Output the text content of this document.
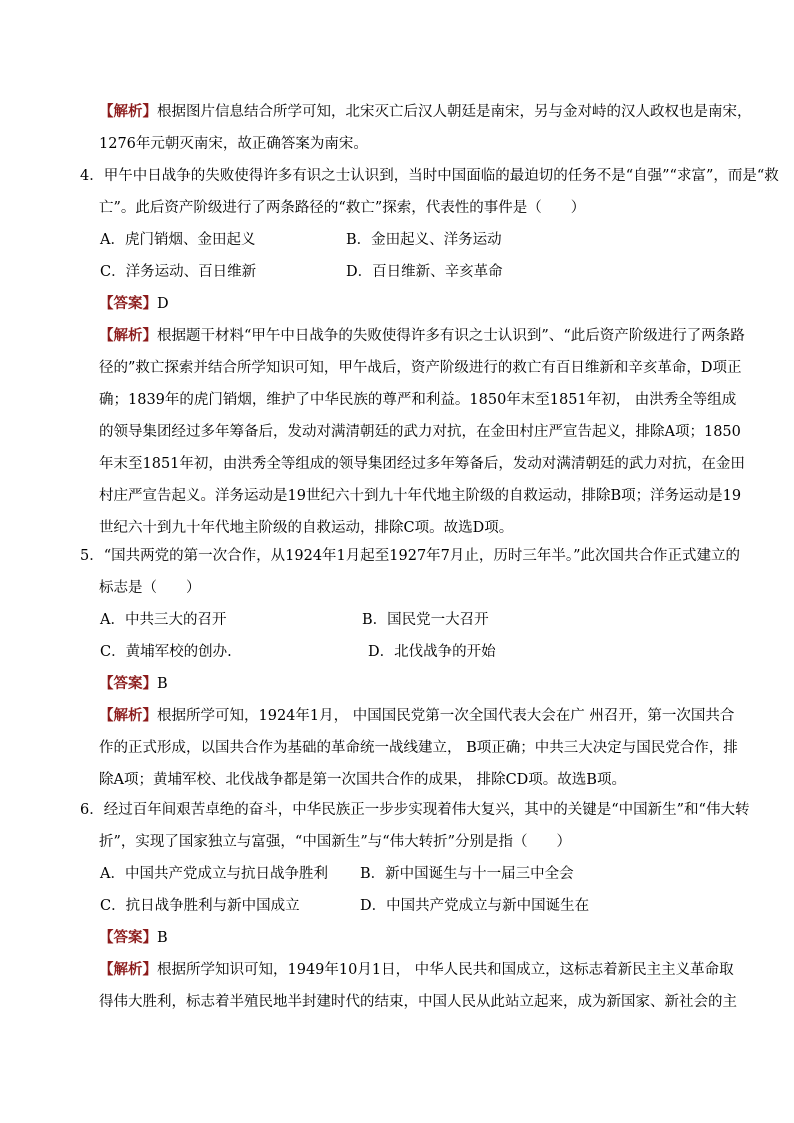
【解析】根据图片信息结合所学可知，北宋灭亡后汉人朝廷是南宋，另与金对峙的汉人政权也是南宋，
1276年元朝灭南宋，故正确答案为南宋。
4．甲午中日战争的失败使得许多有识之士认识到，当时中国面临的最迫切的任务不是“自强”“求富”，而是“救
亡”。此后资产阶级进行了两条路径的“救亡”探索，代表性的事件是（　　）
A．虎门销烟、金田起义	B．金田起义、洋务运动
C．洋务运动、百日维新	D．百日维新、辛亥革命
【答案】D
【解析】根据题干材料“甲午中日战争的失败使得许多有识之士认识到”、“此后资产阶级进行了两条路
径的”救亡探索并结合所学知识可知，甲午战后，资产阶级进行的救亡有百日维新和辛亥革命，D项正
确；1839年的虎门销烟，维护了中华民族的尊严和利益。1850年末至1851年初， 由洪秀全等组成
的领导集团经过多年筹备后，发动对满清朝廷的武力对抗，在金田村庄严宣告起义，排除A项；1850
年末至1851年初，由洪秀全等组成的领导集团经过多年筹备后，发动对满清朝廷的武力对抗，在金田
村庄严宣告起义。洋务运动是19世纪六十到九十年代地主阶级的自救运动，排除B项；洋务运动是19
世纪六十到九十年代地主阶级的自救运动，排除C项。故选D项。
5．“国共两党的第一次合作，从1924年1月起至1927年7月止，历时三年半。”此次国共合作正式建立的
标志是（　　）
A．中共三大的召开	B．国民党一大召开
C．黄埔军校的创办.	D．北伐战争的开始
【答案】B
【解析】根据所学可知，1924年1月， 中国国民党第一次全国代表大会在广 州召开，第一次国共合
作的正式形成，以国共合作为基础的革命统一战线建立， B项正确；中共三大决定与国民党合作，排
除A项；黄埔军校、北伐战争都是第一次国共合作的成果， 排除CD项。故选B项。
6．经过百年间艰苦卓绝的奋斗，中华民族正一步步实现着伟大复兴，其中的关键是“中国新生”和“伟大转
折”，实现了国家独立与富强，“中国新生”与“伟大转折”分别是指（　　）
A．中国共产党成立与抗日战争胜利 B．新中国诞生与十一届三中全会
C．抗日战争胜利与新中国成立	D．中国共产党成立与新中国诞生在
【答案】B
【解析】根据所学知识可知，1949年10月1日， 中华人民共和国成立，这标志着新民主主义革命取
得伟大胜利，标志着半殖民地半封建时代的结束，中国人民从此站立起来，成为新国家、新社会的主
